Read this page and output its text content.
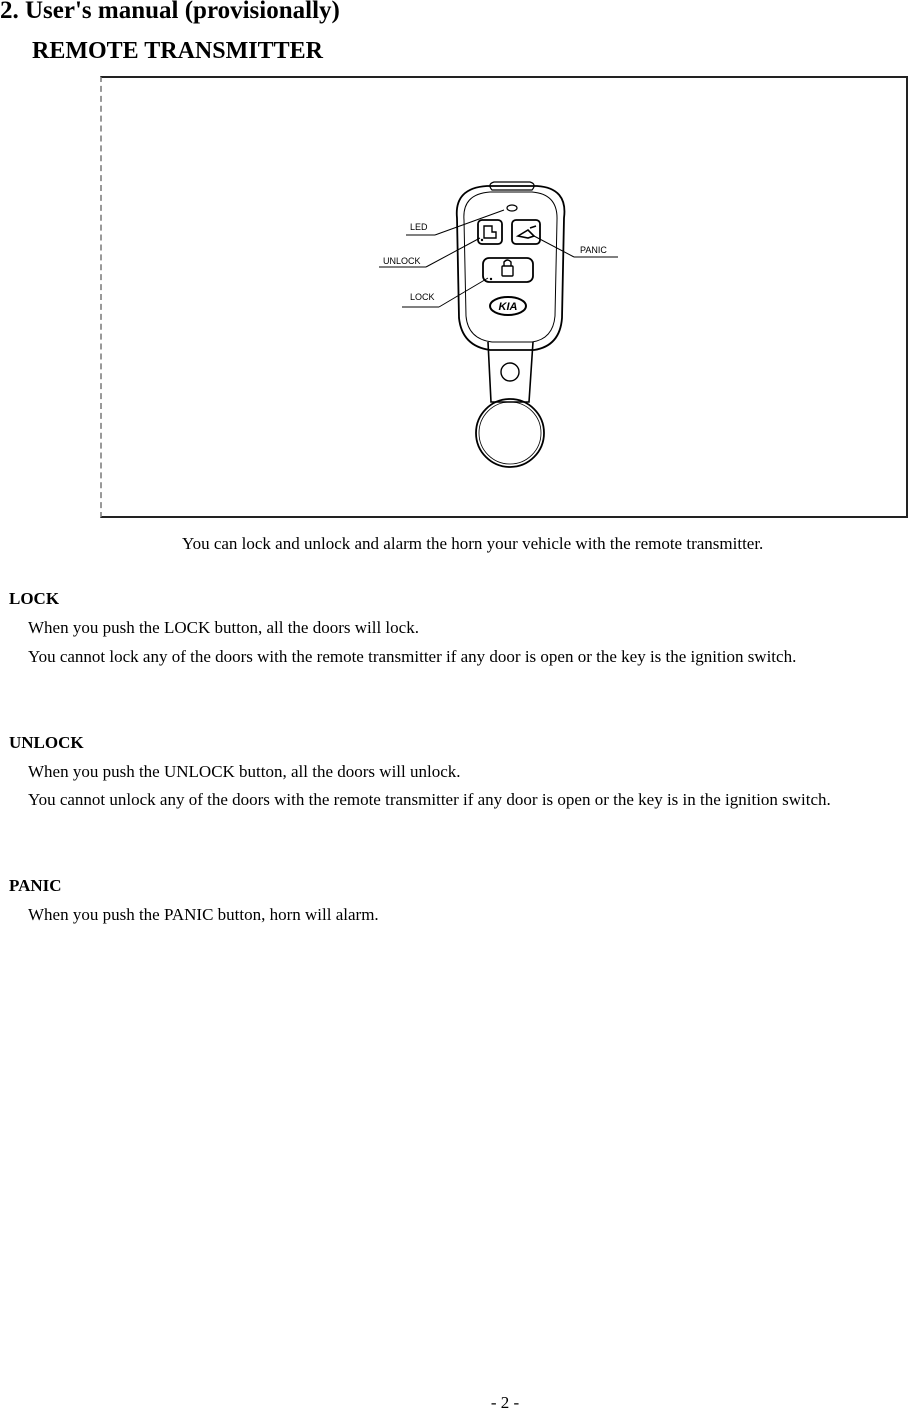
2. User's manual (provisionally)
REMOTE TRANSMITTER
KIA
LED
UNLOCK
LOCK
PANIC
You can lock and unlock and alarm the horn your vehicle with the remote transmitter.
LOCK
When you push the LOCK button, all the doors will lock.
You cannot lock any of the doors with the remote transmitter if any door is open or the key is the ignition switch.
UNLOCK
When you push the UNLOCK button, all the doors will unlock.
You cannot unlock any of the doors with the remote transmitter if any door is open or the key is in the ignition switch.
PANIC
When you push the PANIC button, horn will alarm.
- 2 -
